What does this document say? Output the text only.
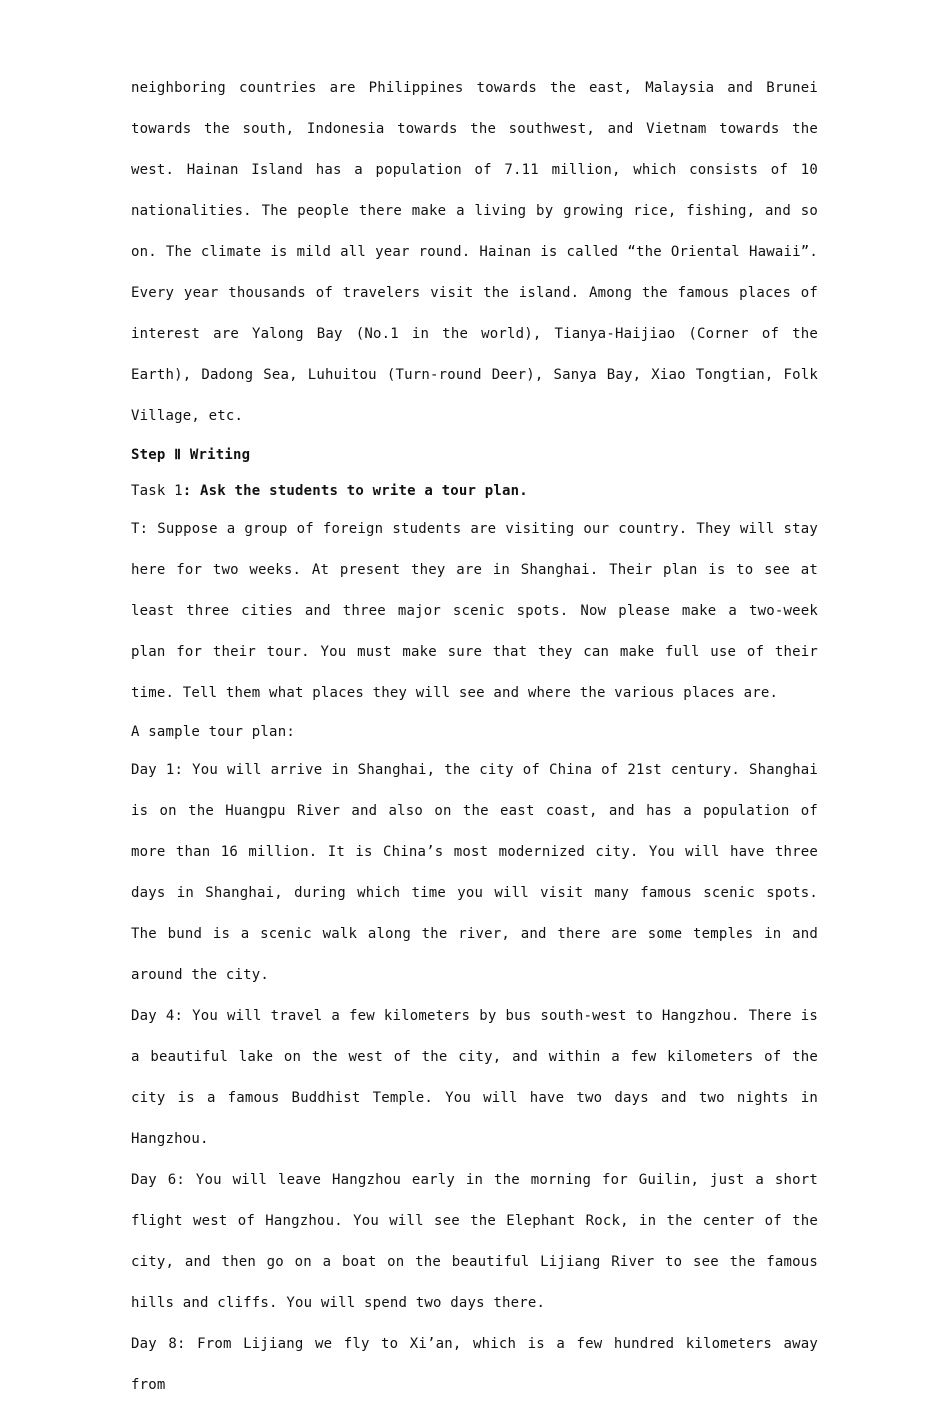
neighboring countries are Philippines towards the east, Malaysia and Brunei towards the south, Indonesia towards the southwest, and Vietnam towards the west. Hainan Island has a population of 7.11 million, which consists of 10 nationalities. The people there make a living by growing rice, fishing, and so on. The climate is mild all year round. Hainan is called “the Oriental Hawaii”. Every year thousands of travelers visit the island. Among the famous places of interest are Yalong Bay (No.1 in the world), Tianya-Haijiao (Corner of the Earth), Dadong Sea, Luhuitou (Turn-round Deer), Sanya Bay, Xiao Tongtian, Folk Village, etc.

Step Ⅱ Writing

Task 1: Ask the students to write a tour plan.

T: Suppose a group of foreign students are visiting our country. They will stay here for two weeks. At present they are in Shanghai. Their plan is to see at least three cities and three major scenic spots. Now please make a two-week plan for their tour. You must make sure that they can make full use of their time. Tell them what places they will see and where the various places are.

A sample tour plan:

Day 1: You will arrive in Shanghai, the city of China of 21st century. Shanghai is on the Huangpu River and also on the east coast, and has a population of more than 16 million. It is China’s most modernized city. You will have three days in Shanghai, during which time you will visit many famous scenic spots. The bund is a scenic walk along the river, and there are some temples in and around the city.

Day 4: You will travel a few kilometers by bus south-west to Hangzhou. There is a beautiful lake on the west of the city, and within a few kilometers of the city is a famous Buddhist Temple. You will have two days and two nights in Hangzhou.

Day 6: You will leave Hangzhou early in the morning for Guilin, just a short flight west of Hangzhou. You will see the Elephant Rock, in the center of the city, and then go on a boat on the beautiful Lijiang River to see the famous hills and cliffs. You will spend two days there.

Day 8: From Lijiang we fly to Xi’an, which is a few hundred kilometers away from
